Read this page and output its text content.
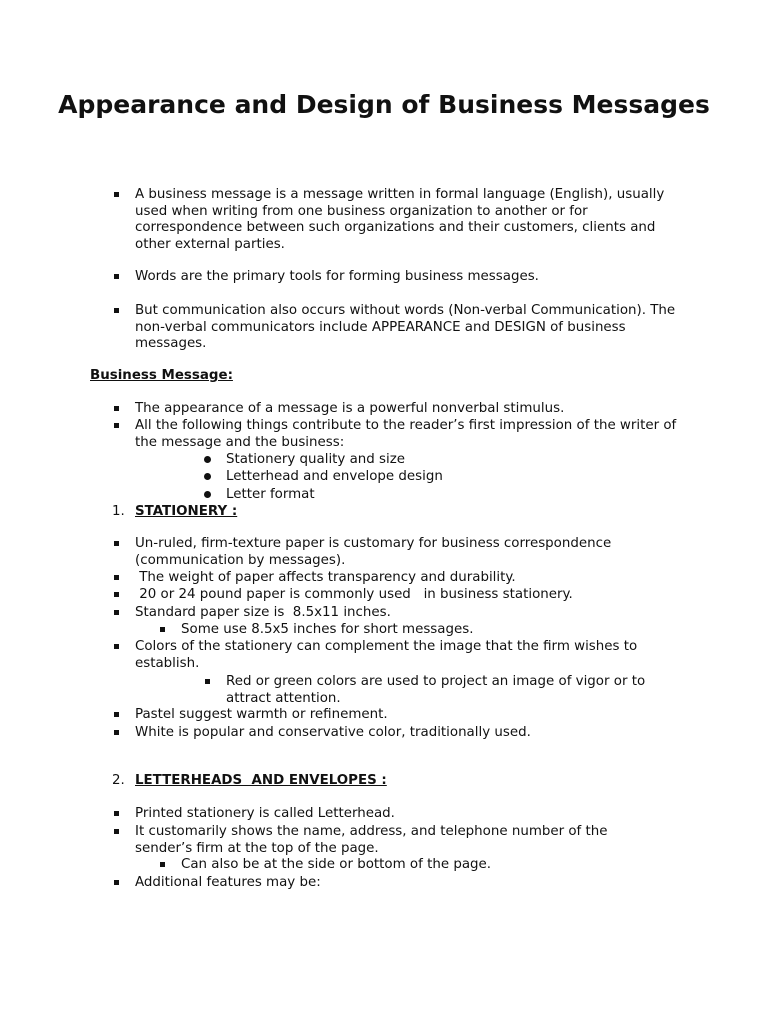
Appearance and Design of Business Messages
A business message is a message written in formal language (English), usually used when writing from one business organization to another or for correspondence between such organizations and their customers, clients and other external parties.
Words are the primary tools for forming business messages.
But communication also occurs without words (Non-verbal Communication). The non-verbal communicators include APPEARANCE and DESIGN of business messages.
Business Message:
The appearance of a message is a powerful nonverbal stimulus.
All the following things contribute to the reader’s first impression of the writer of the message and the business:
Stationery quality and size
Letterhead and envelope design
Letter format
1. STATIONERY :
Un-ruled, firm-texture paper is customary for business correspondence (communication by messages).
The weight of paper affects transparency and durability.
20 or 24 pound paper is commonly used   in business stationery.
Standard paper size is  8.5x11 inches.
Some use 8.5x5 inches for short messages.
Colors of the stationery can complement the image that the firm wishes to establish.
Red or green colors are used to project an image of vigor or to attract attention.
Pastel suggest warmth or refinement.
White is popular and conservative color, traditionally used.
2. LETTERHEADS  AND ENVELOPES :
Printed stationery is called Letterhead.
It customarily shows the name, address, and telephone number of the sender’s firm at the top of the page.
Can also be at the side or bottom of the page.
Additional features may be:
